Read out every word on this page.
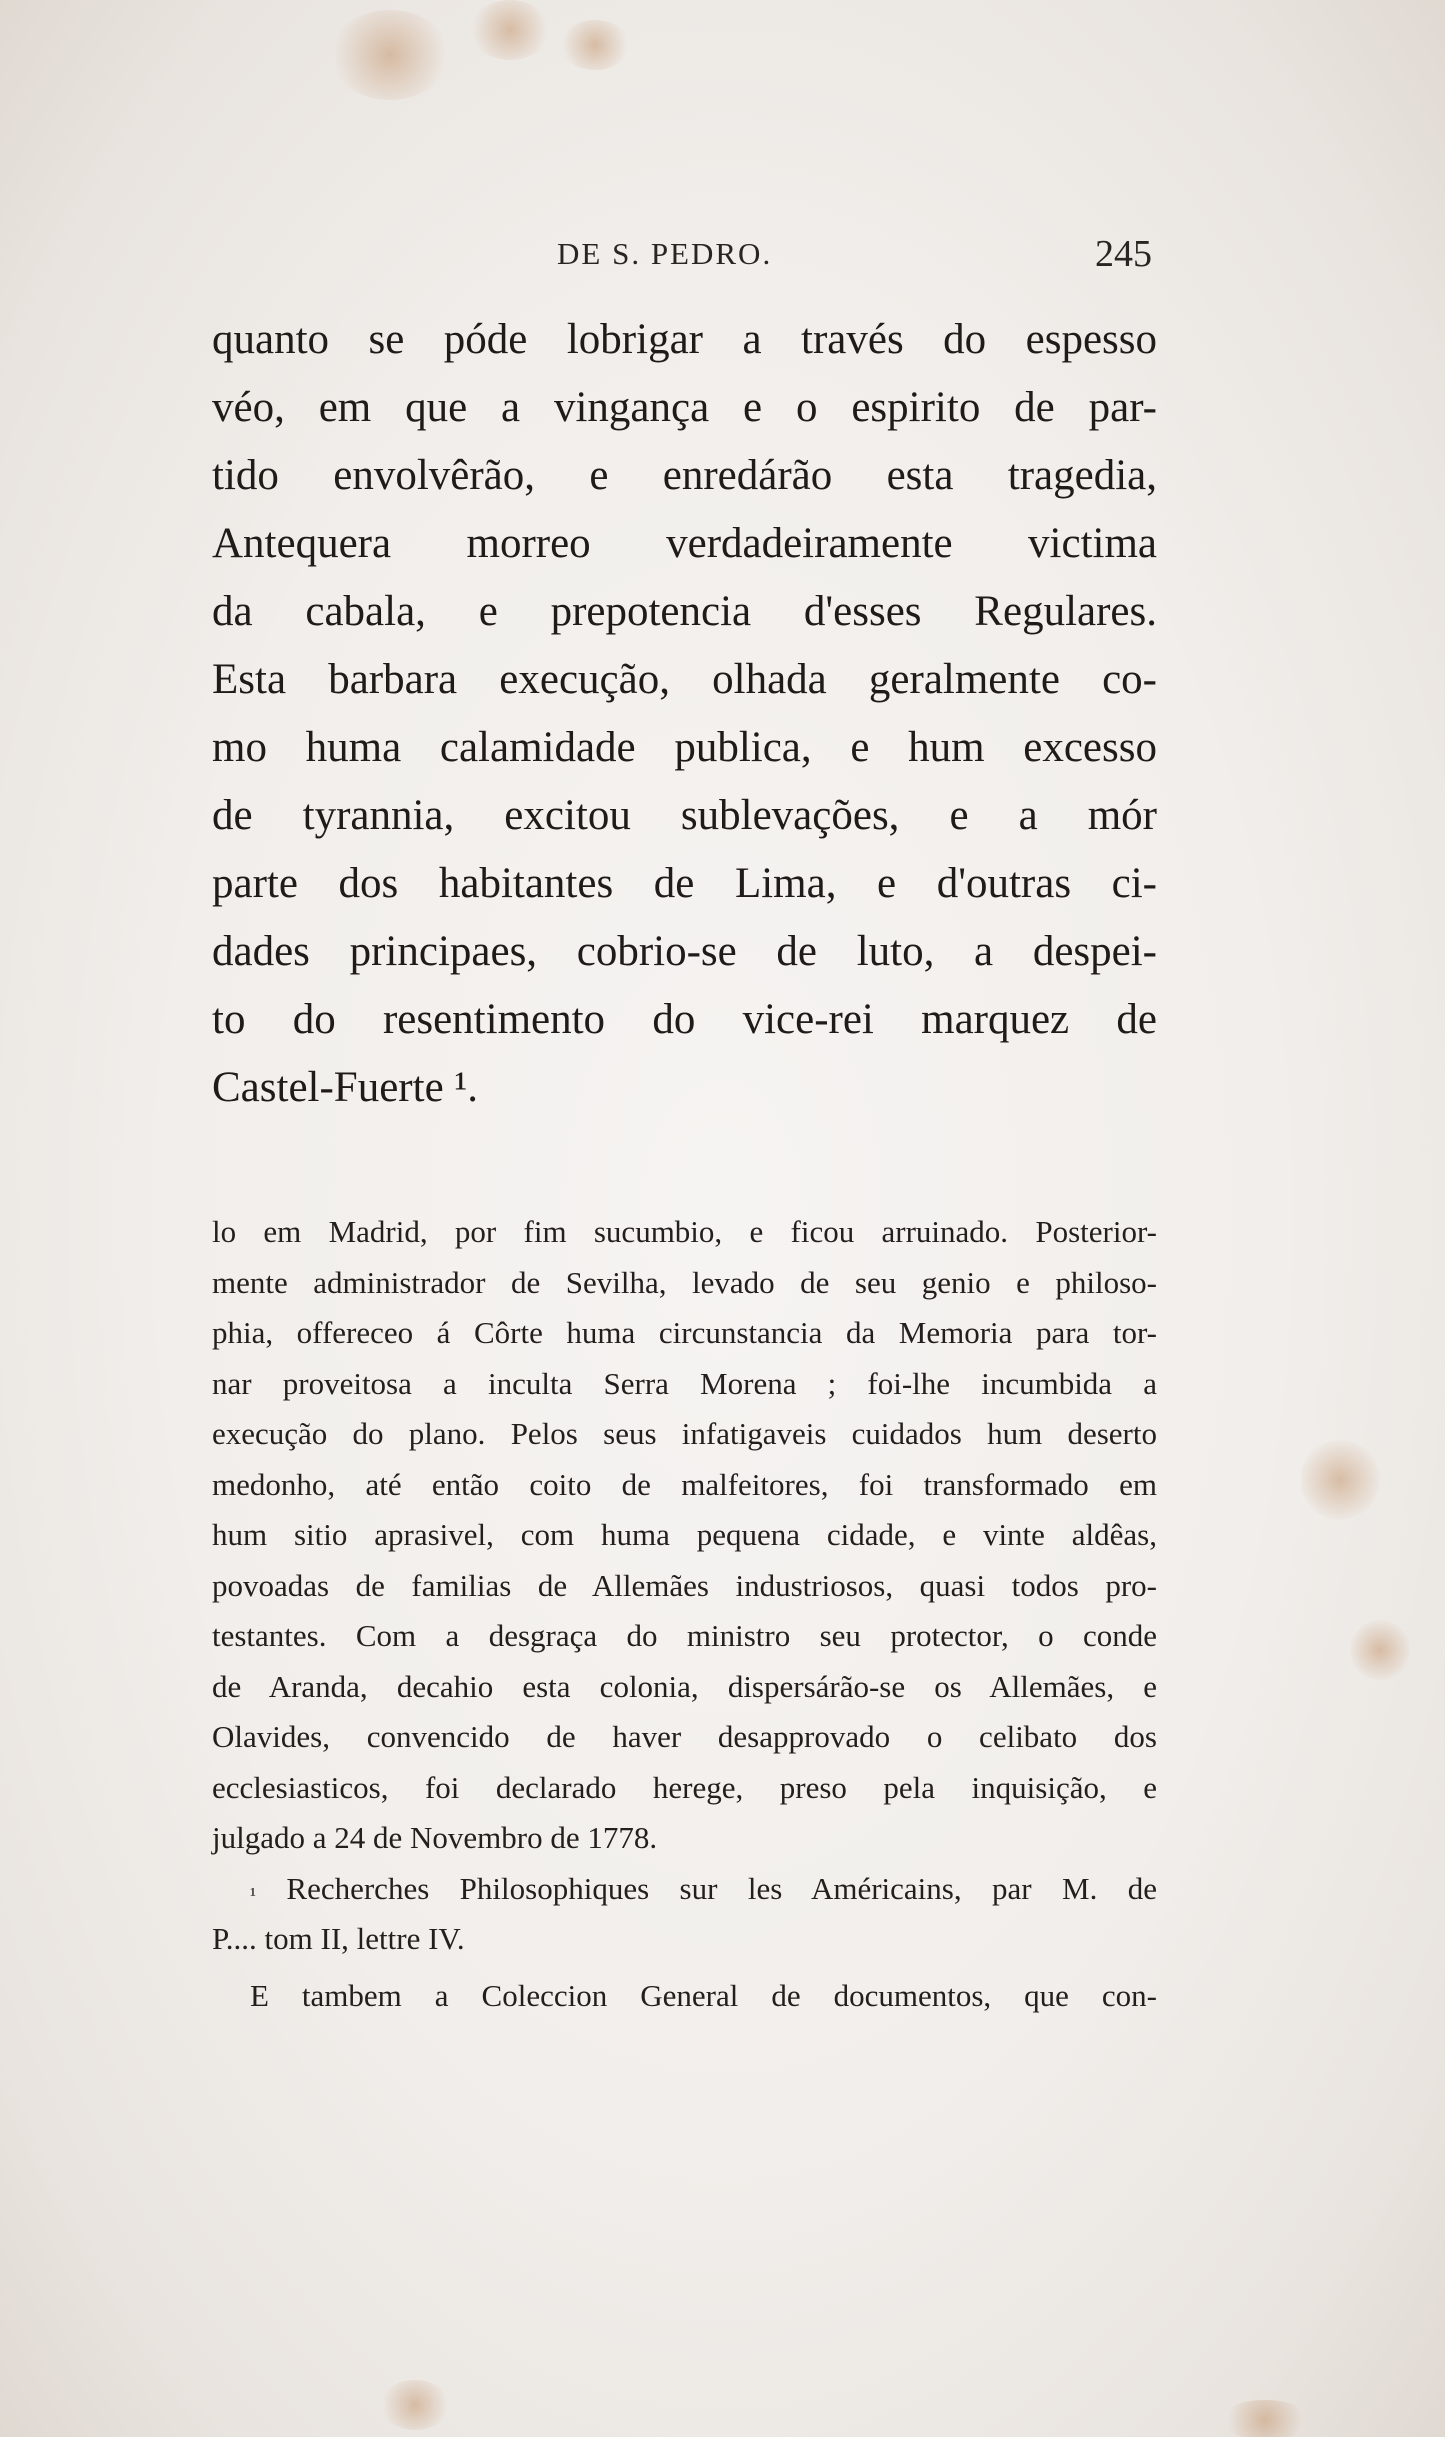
DE S. PEDRO.	245
quanto se póde lobrigar a través do espesso
véo, em que a vingança e o espirito de par-
tido envolvêrão, e enredárão esta tragedia,
Antequera morreo verdadeiramente victima
da cabala, e prepotencia d'esses Regulares.
Esta barbara execução, olhada geralmente co-
mo huma calamidade publica, e hum excesso
de tyrannia, excitou sublevações, e a mór
parte dos habitantes de Lima, e d'outras ci-
dades principaes, cobrio-se de luto, a despei-
to do resentimento do vice-rei marquez de
Castel-Fuerte ¹.
lo em Madrid, por fim sucumbio, e ficou arruinado. Posterior-
mente administrador de Sevilha, levado de seu genio e philoso-
phia, offereceo á Côrte huma circunstancia da Memoria para tor-
nar proveitosa a inculta Serra Morena ; foi-lhe incumbida a
execução do plano. Pelos seus infatigaveis cuidados hum deserto
medonho, até então coito de malfeitores, foi transformado em
hum sitio aprasivel, com huma pequena cidade, e vinte aldêas,
povoadas de familias de Allemães industriosos, quasi todos pro-
testantes. Com a desgraça do ministro seu protector, o conde
de Aranda, decahio esta colonia, dispersárão-se os Allemães, e
Olavides, convencido de haver desapprovado o celibato dos
ecclesiasticos, foi declarado herege, preso pela inquisição, e
julgado a 24 de Novembro de 1778.
$^{^1}$ Recherches Philosophiques sur les Américains, par M. de
P.... tom II, lettre IV.
E tambem a Coleccion General de documentos, que con-
